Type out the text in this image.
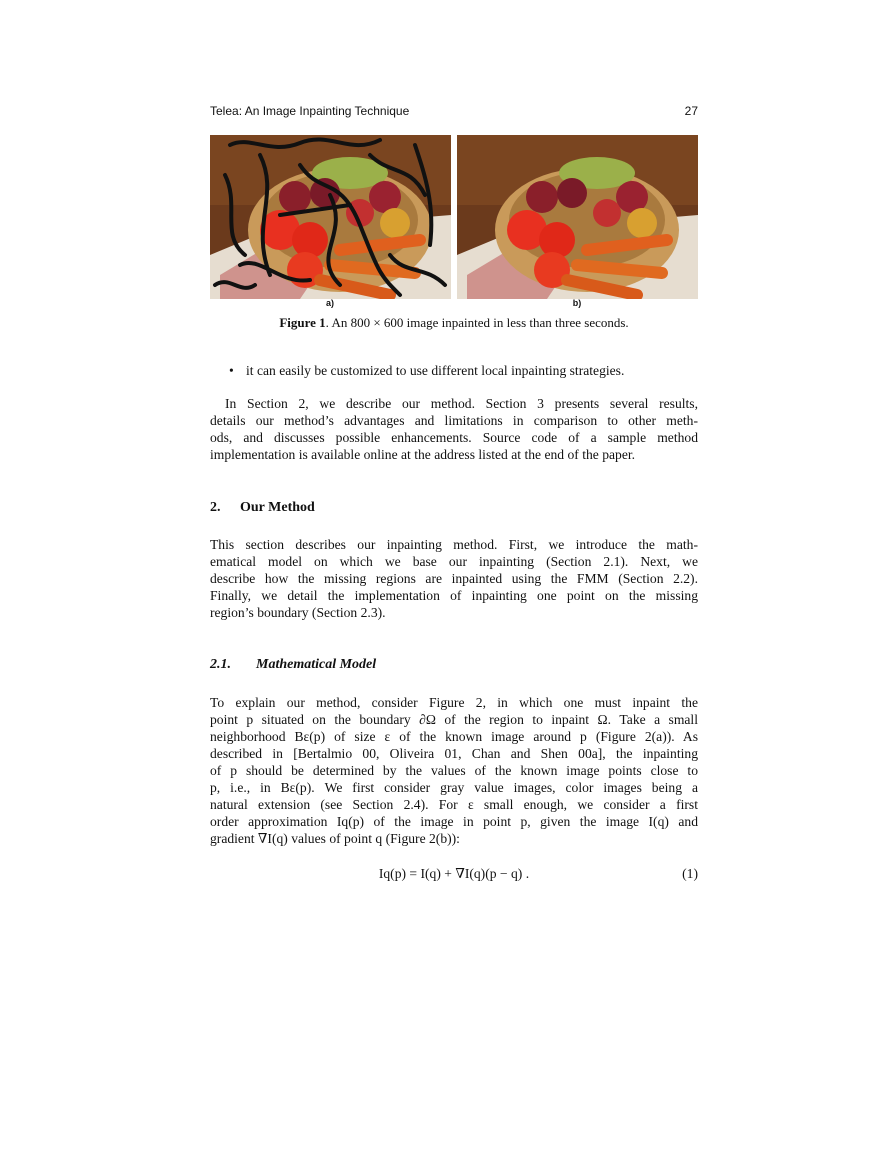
Telea: An Image Inpainting Technique	27
a)	b)
Figure 1. An 800 × 600 image inpainted in less than three seconds.
• it can easily be customized to use different local inpainting strategies.
In Section 2, we describe our method. Section 3 presents several results,
details our method’s advantages and limitations in comparison to other meth-
ods, and discusses possible enhancements. Source code of a sample method
implementation is available online at the address listed at the end of the paper.
2. Our Method
This section describes our inpainting method. First, we introduce the math-
ematical model on which we base our inpainting (Section 2.1). Next, we
describe how the missing regions are inpainted using the FMM (Section 2.2).
Finally, we detail the implementation of inpainting one point on the missing
region’s boundary (Section 2.3).
2.1. Mathematical Model
To explain our method, consider Figure 2, in which one must inpaint the
point p situated on the boundary ∂Ω of the region to inpaint Ω. Take a small
neighborhood Bε(p) of size ε of the known image around p (Figure 2(a)). As
described in [Bertalmio 00, Oliveira 01, Chan and Shen 00a], the inpainting
of p should be determined by the values of the known image points close to
p, i.e., in Bε(p). We first consider gray value images, color images being a
natural extension (see Section 2.4). For ε small enough, we consider a first
order approximation Iq(p) of the image in point p, given the image I(q) and
gradient ∇I(q) values of point q (Figure 2(b)):
Iq(p) = I(q) + ∇I(q)(p − q) .	(1)
